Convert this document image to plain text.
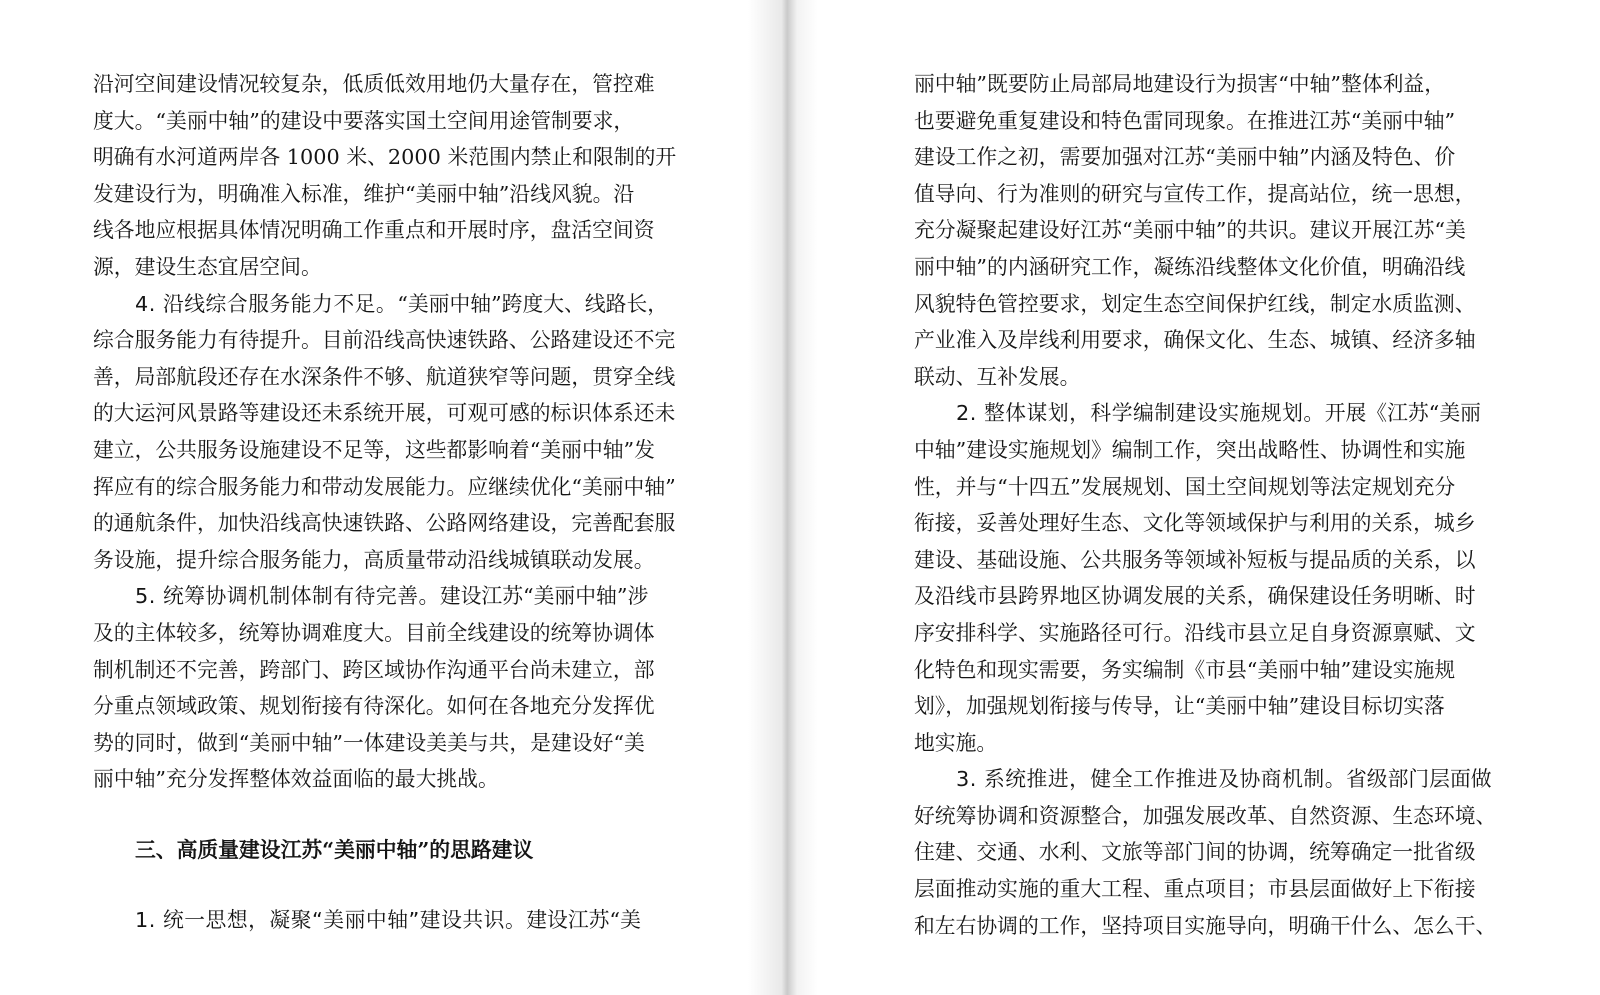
沿河空间建设情况较复杂，低质低效用地仍大量存在，管控难
度大。“美丽中轴”的建设中要落实国土空间用途管制要求，
明确有水河道两岸各 1000 米、2000 米范围内禁止和限制的开
发建设行为，明确准入标准，维护“美丽中轴”沿线风貌。沿
线各地应根据具体情况明确工作重点和开展时序，盘活空间资
源，建设生态宜居空间。
4. 沿线综合服务能力不足。“美丽中轴”跨度大、线路长，
综合服务能力有待提升。目前沿线高快速铁路、公路建设还不完
善，局部航段还存在水深条件不够、航道狭窄等问题，贯穿全线
的大运河风景路等建设还未系统开展，可观可感的标识体系还未
建立，公共服务设施建设不足等，这些都影响着“美丽中轴”发
挥应有的综合服务能力和带动发展能力。应继续优化“美丽中轴”
的通航条件，加快沿线高快速铁路、公路网络建设，完善配套服
务设施，提升综合服务能力，高质量带动沿线城镇联动发展。
5. 统筹协调机制体制有待完善。建设江苏“美丽中轴”涉
及的主体较多，统筹协调难度大。目前全线建设的统筹协调体
制机制还不完善，跨部门、跨区域协作沟通平台尚未建立，部
分重点领域政策、规划衔接有待深化。如何在各地充分发挥优
势的同时，做到“美丽中轴”一体建设美美与共，是建设好“美
丽中轴”充分发挥整体效益面临的最大挑战。
三、高质量建设江苏“美丽中轴”的思路建议
1. 统一思想，凝聚“美丽中轴”建设共识。建设江苏“美
丽中轴”既要防止局部局地建设行为损害“中轴”整体利益，
也要避免重复建设和特色雷同现象。在推进江苏“美丽中轴”
建设工作之初，需要加强对江苏“美丽中轴”内涵及特色、价
值导向、行为准则的研究与宣传工作，提高站位，统一思想，
充分凝聚起建设好江苏“美丽中轴”的共识。建议开展江苏“美
丽中轴”的内涵研究工作，凝练沿线整体文化价值，明确沿线
风貌特色管控要求，划定生态空间保护红线，制定水质监测、
产业准入及岸线利用要求，确保文化、生态、城镇、经济多轴
联动、互补发展。
2. 整体谋划，科学编制建设实施规划。开展《江苏“美丽
中轴”建设实施规划》编制工作，突出战略性、协调性和实施
性，并与“十四五”发展规划、国土空间规划等法定规划充分
衔接，妥善处理好生态、文化等领域保护与利用的关系，城乡
建设、基础设施、公共服务等领域补短板与提品质的关系，以
及沿线市县跨界地区协调发展的关系，确保建设任务明晰、时
序安排科学、实施路径可行。沿线市县立足自身资源禀赋、文
化特色和现实需要，务实编制《市县“美丽中轴”建设实施规
划》，加强规划衔接与传导，让“美丽中轴”建设目标切实落
地实施。
3. 系统推进，健全工作推进及协商机制。省级部门层面做
好统筹协调和资源整合，加强发展改革、自然资源、生态环境、
住建、交通、水利、文旅等部门间的协调，统筹确定一批省级
层面推动实施的重大工程、重点项目；市县层面做好上下衔接
和左右协调的工作，坚持项目实施导向，明确干什么、怎么干、
